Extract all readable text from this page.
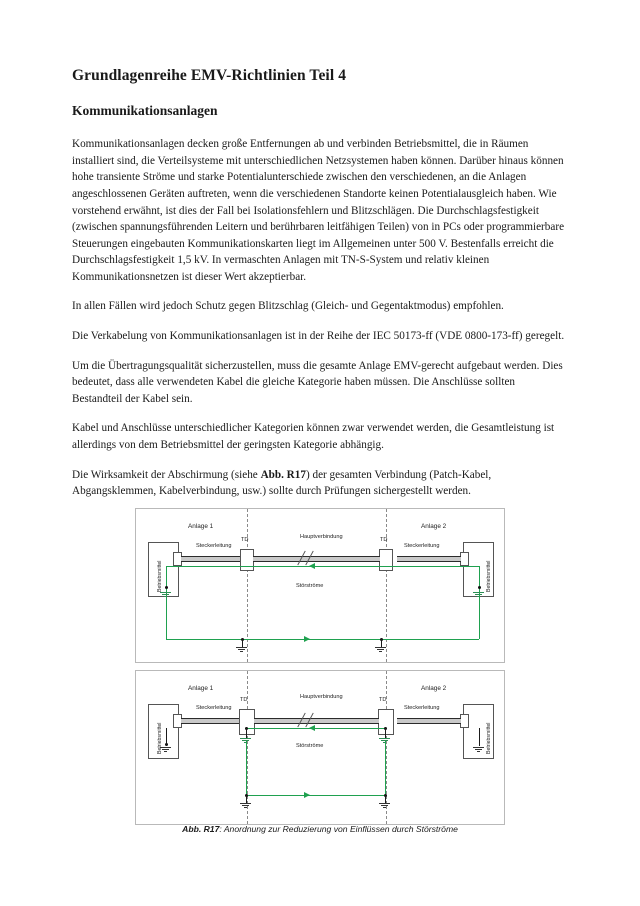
Grundlagenreihe EMV-Richtlinien Teil 4
Kommunikationsanlagen

Kommunikationsanlagen decken große Entfernungen ab und verbinden Betriebsmittel, die in Räumen installiert sind, die Verteilsysteme mit unterschiedlichen Netzsystemen haben können. Darüber hinaus können hohe transiente Ströme und starke Potentialunterschiede zwischen den verschiedenen, an die Anlagen angeschlossenen Geräten auftreten, wenn die verschiedenen Standorte keinen Potentialausgleich haben. Wie vorstehend erwähnt, ist dies der Fall bei Isolationsfehlern und Blitzschlägen. Die Durchschlagsfestigkeit (zwischen spannungsführenden Leitern und berührbaren leitfähigen Teilen) von in PCs oder programmierbare Steuerungen eingebauten Kommunikationskarten liegt im Allgemeinen unter 500 V. Bestenfalls erreicht die Durchschlagsfestigkeit 1,5 kV. In vermaschten Anlagen mit TN-S-System und relativ kleinen Kommunikationsnetzen ist dieser Wert akzeptierbar.

In allen Fällen wird jedoch Schutz gegen Blitzschlag (Gleich- und Gegentaktmodus) empfohlen.

Die Verkabelung von Kommunikationsanlagen ist in der Reihe der IEC 50173-ff (VDE 0800-173-ff) geregelt.

Um die Übertragungsqualität sicherzustellen, muss die gesamte Anlage EMV-gerecht aufgebaut werden. Dies bedeutet, dass alle verwendeten Kabel die gleiche Kategorie haben müssen. Die Anschlüsse sollten Bestandteil der Kabel sein.

Kabel und Anschlüsse unterschiedlicher Kategorien können zwar verwendet werden, die Gesamtleistung ist allerdings von dem Betriebsmittel der geringsten Kategorie abhängig.

Die Wirksamkeit der Abschirmung (siehe Abb. R17) der gesamten Verbindung (Patch-Kabel, Abgangsklemmen, Kabelverbindung, usw.) sollte durch Prüfungen sichergestellt werden.

Anlage 1	Anlage 2
Betriebsmittel	Betriebsmittel
Steckerleitung	Steckerleitung
TD	TD
Hauptverbindung
Störströme
Anlage 1	Anlage 2
Betriebsmittel	Betriebsmittel
Steckerleitung	Steckerleitung
TD	TD
Hauptverbindung
Störströme
Abb. R17: Anordnung zur Reduzierung von Einflüssen durch Störströme
